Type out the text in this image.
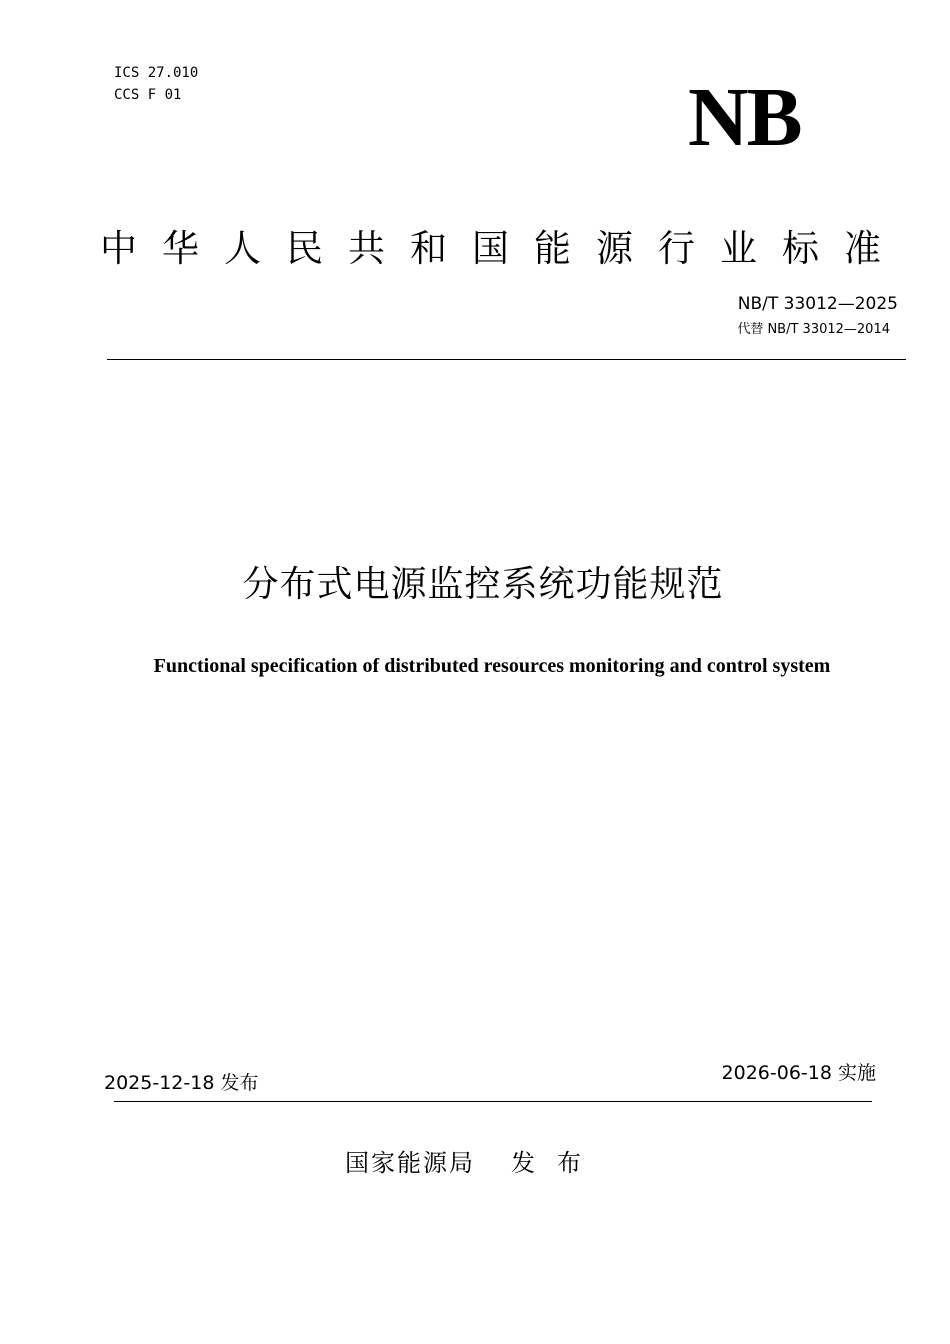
ICS 27.010
CCS F 01	NB
中华人民共和国能源行业标准
NB/T 33012—2025
代替 NB/T 33012—2014
分布式电源监控系统功能规范
Functional specification of distributed resources monitoring and control system
2025-12-18 发布	2026-06-18 实施
国家能源局 发布
